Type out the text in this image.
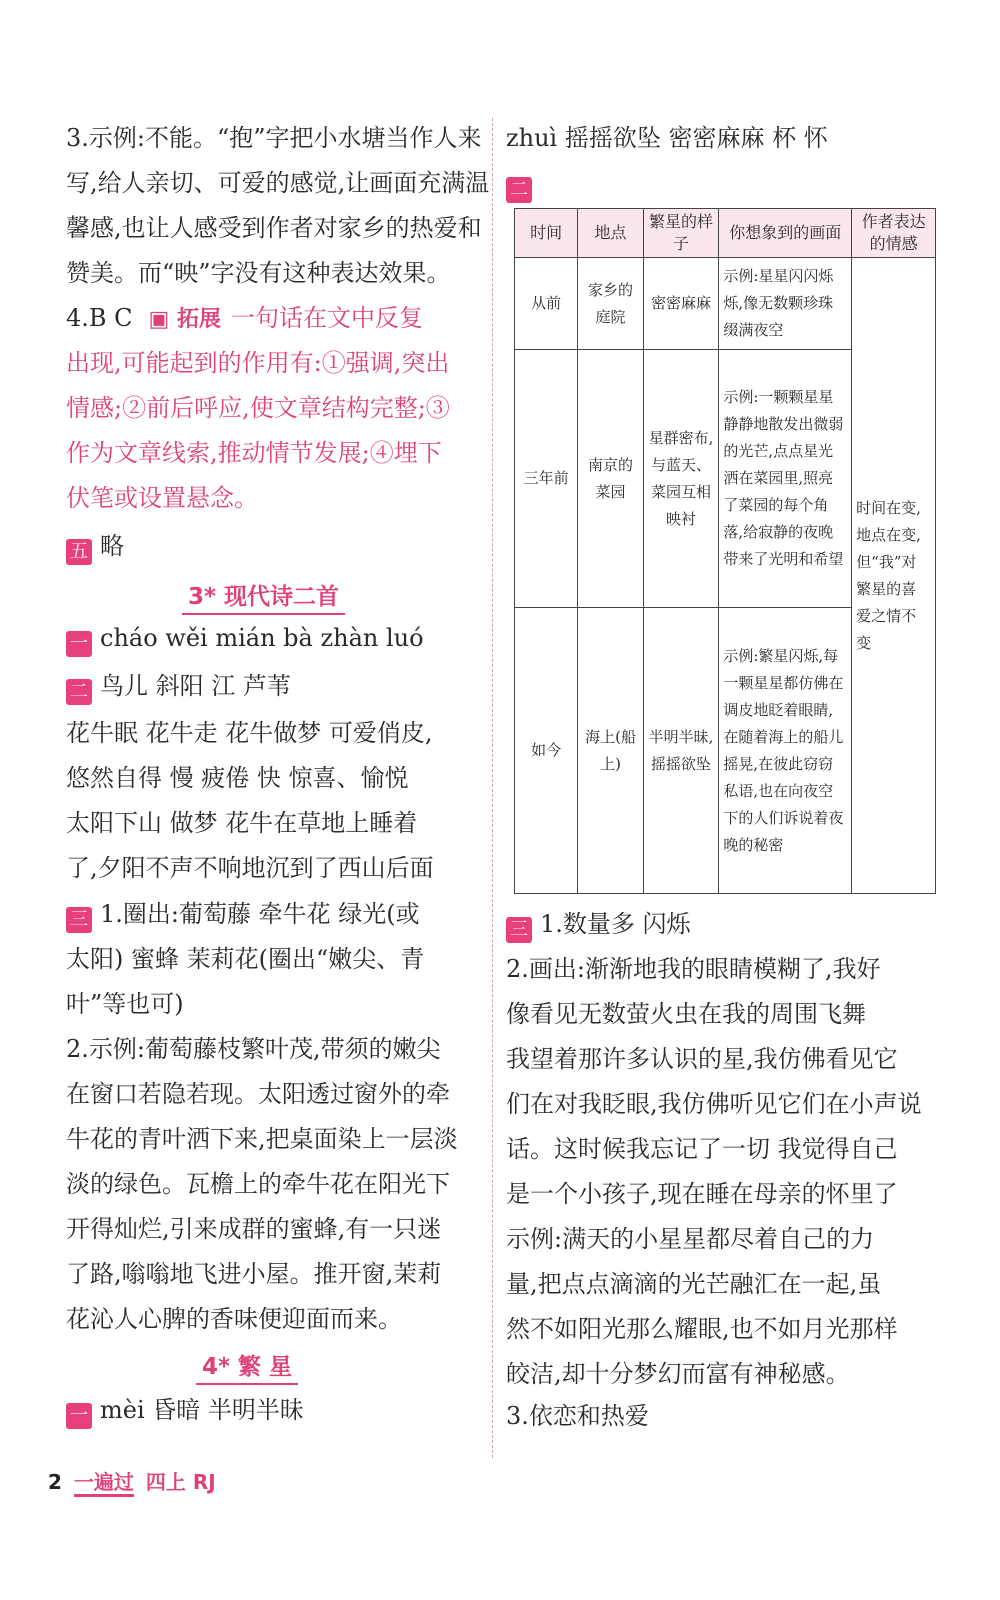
3.示例:不能。“抱”字把小水塘当作人来
写,给人亲切、可爱的感觉,让画面充满温
馨感,也让人感受到作者对家乡的热爱和
赞美。而“映”字没有这种表达效果。
4.B C ▣ 拓展 一句话在文中反复
出现,可能起到的作用有:①强调,突出
情感;②前后呼应,使文章结构完整;③
作为文章线索,推动情节发展;④埋下
伏笔或设置悬念。
五 略
3* 现代诗二首
一 cháo wěi mián bà zhàn luó
二 鸟儿 斜阳 江 芦苇
花牛眠 花牛走 花牛做梦 可爱俏皮,
悠然自得 慢 疲倦 快 惊喜、愉悦
太阳下山 做梦 花牛在草地上睡着
了,夕阳不声不响地沉到了西山后面
三 1.圈出:葡萄藤 牵牛花 绿光(或
太阳) 蜜蜂 茉莉花(圈出“嫩尖、青
叶”等也可)
2.示例:葡萄藤枝繁叶茂,带须的嫩尖
在窗口若隐若现。太阳透过窗外的牵
牛花的青叶洒下来,把桌面染上一层淡
淡的绿色。瓦檐上的牵牛花在阳光下
开得灿烂,引来成群的蜜蜂,有一只迷
了路,嗡嗡地飞进小屋。推开窗,茉莉
花沁人心脾的香味便迎面而来。
4* 繁 星
一 mèi 昏暗 半明半昧
zhuì 摇摇欲坠 密密麻麻 杯 怀
二
时间	地点	繁星的样子	你想象到的画面	作者表达的情感
从前	家乡的庭院	密密麻麻	示例:星星闪闪烁烁,像无数颗珍珠缀满夜空	时间在变,地点在变,但“我”对繁星的喜爱之情不变
三年前	南京的菜园	星群密布,与蓝天、菜园互相映衬	示例:一颗颗星星静静地散发出微弱的光芒,点点星光洒在菜园里,照亮了菜园的每个角落,给寂静的夜晚带来了光明和希望	
如今	海上(船上)	半明半昧,摇摇欲坠	示例:繁星闪烁,每一颗星星都仿佛在调皮地眨着眼睛,在随着海上的船儿摇晃,在彼此窃窃私语,也在向夜空下的人们诉说着夜晚的秘密	
三 1.数量多 闪烁
2.画出:渐渐地我的眼睛模糊了,我好
像看见无数萤火虫在我的周围飞舞
我望着那许多认识的星,我仿佛看见它
们在对我眨眼,我仿佛听见它们在小声说
话。这时候我忘记了一切 我觉得自己
是一个小孩子,现在睡在母亲的怀里了
示例:满天的小星星都尽着自己的力
量,把点点滴滴的光芒融汇在一起,虽
然不如阳光那么耀眼,也不如月光那样
皎洁,却十分梦幻而富有神秘感。
3.依恋和热爱
2 一遍过 四上 RJ
